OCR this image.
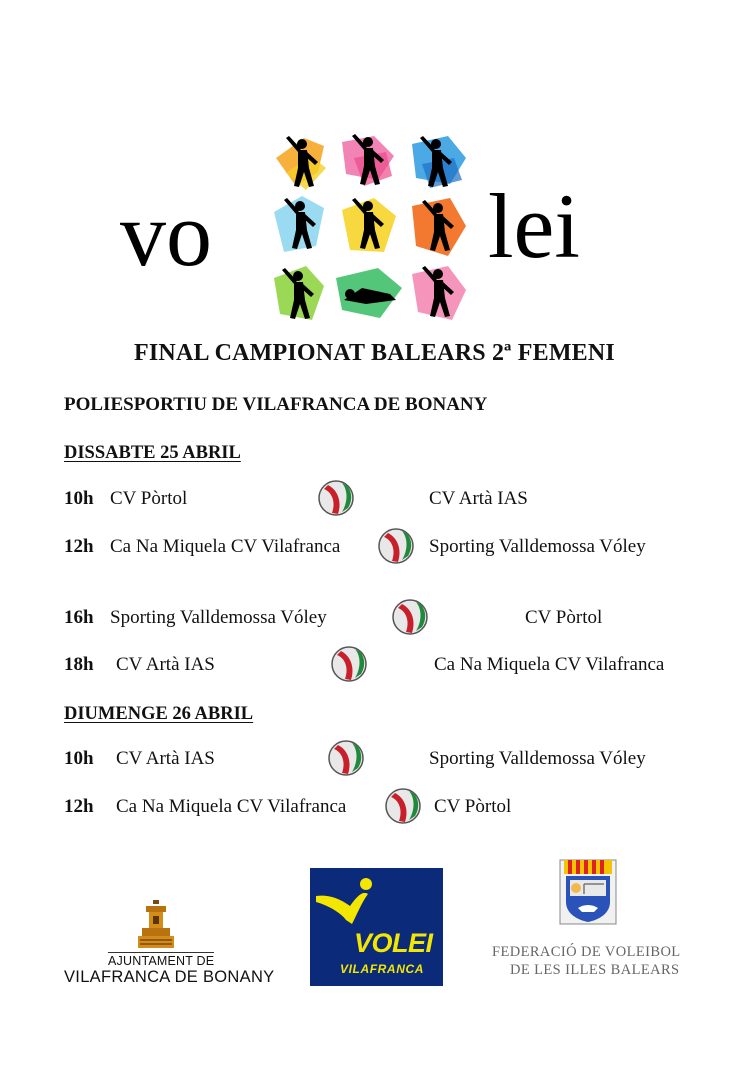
vo	lei
FINAL CAMPIONAT BALEARS 2ª FEMENI
POLIESPORTIU DE VILAFRANCA DE BONANY
DISSABTE 25 ABRIL
10h CV Pòrtol	CV Artà IAS
12h Ca Na Miquela CV Vilafranca	Sporting Valldemossa Vóley
16h Sporting Valldemossa Vóley	CV Pòrtol
18h CV Artà IAS	Ca Na Miquela CV Vilafranca
DIUMENGE 26 ABRIL
10h CV Artà IAS	Sporting Valldemossa Vóley
12h Ca Na Miquela CV Vilafranca	CV Pòrtol
AJUNTAMENT DE
VILAFRANCA DE BONANY
VOLEI
VILAFRANCA
FEDERACIÓ DE VOLEIBOL
DE LES ILLES BALEARS
